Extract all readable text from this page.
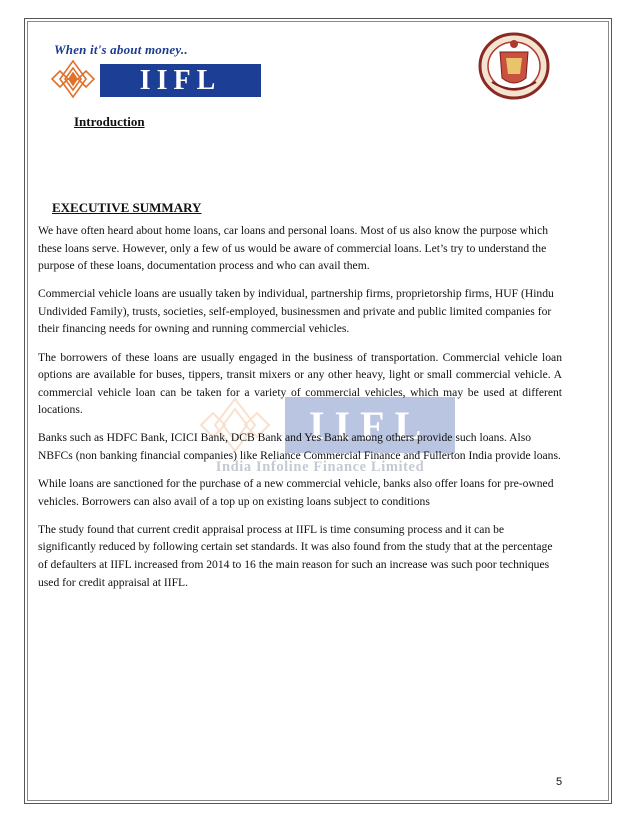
When it's about money..
IIFL
Introduction
EXECUTIVE SUMMARY
IIFL
India Infoline Finance Limited

We have often heard about home loans, car loans and personal loans. Most of us also know the purpose which these loans serve. However, only a few of us would be aware of commercial loans. Let’s try to understand the purpose of these loans, documentation process and who can avail them.

Commercial vehicle loans are usually taken by individual, partnership firms, proprietorship firms, HUF (Hindu Undivided Family), trusts, societies, self-employed, businessmen and private and public limited companies for their financing needs for owning and running commercial vehicles.

The borrowers of these loans are usually engaged in the business of transportation. Commercial vehicle loan options are available for buses, tippers, transit mixers or any other heavy, light or small commercial vehicle. A commercial vehicle loan can be taken for a variety of commercial vehicles, which may be used at different locations.

Banks such as HDFC Bank, ICICI Bank, DCB Bank and Yes Bank among others provide such loans. Also NBFCs (non banking financial companies) like Reliance Commercial Finance and Fullerton India provide loans.

While loans are sanctioned for the purchase of a new commercial vehicle, banks also offer loans for pre-owned vehicles. Borrowers can also avail of a top up on existing loans subject to conditions

The study found that current credit appraisal process at IIFL is time consuming process and it can be significantly reduced by following certain set standards. It was also found from the study that at the percentage of defaulters at IIFL increased from 2014 to 16 the main reason for such an increase was such poor techniques used for credit appraisal at IIFL.

5
